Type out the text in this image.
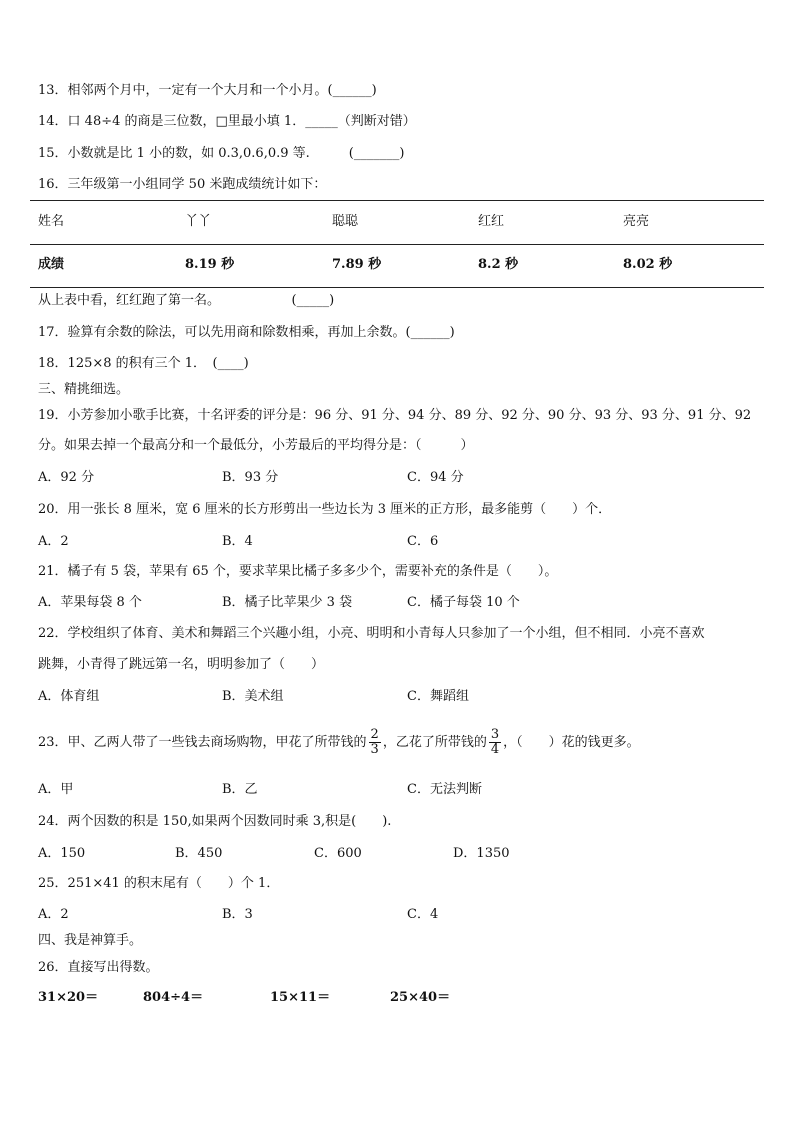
13．相邻两个月中，一定有一个大月和一个小月。(______)
14．口 48÷4 的商是三位数，□里最小填 1．_____（判断对错）
15．小数就是比 1 小的数，如 0.3,0.6,0.9 等.　　　(_______)
16．三年级第一小组同学 50 米跑成绩统计如下：
姓名	丫丫	聪聪	红红	亮亮
成绩	8.19 秒	7.89 秒	8.2 秒	8.02 秒
从上表中看，红红跑了第一名。　　　　　　(_____)
17．验算有余数的除法，可以先用商和除数相乘，再加上余数。(______)
18．125×8 的积有三个 1．　(____)
三、精挑细选。
19．小芳参加小歌手比赛，十名评委的评分是：96 分、91 分、94 分、89 分、92 分、90 分、93 分、93 分、91 分、92
分。如果去掉一个最高分和一个最低分，小芳最后的平均得分是：（　　　）
A．92 分	B．93 分	C．94 分
20．用一张长 8 厘米，宽 6 厘米的长方形剪出一些边长为 3 厘米的正方形，最多能剪（　　）个．
A．2	B．4	C．6
21．橘子有 5 袋，苹果有 65 个，要求苹果比橘子多多少个，需要补充的条件是（　　）。
A．苹果每袋 8 个	B．橘子比苹果少 3 袋	C．橘子每袋 10 个
22．学校组织了体育、美术和舞蹈三个兴趣小组，小亮、明明和小青每人只参加了一个小组，但不相同．小亮不喜欢
跳舞，小青得了跳远第一名，明明参加了（　　）
A．体育组	B．美术组	C．舞蹈组
23．甲、乙两人带了一些钱去商场购物，甲花了所带钱的 $\frac{2}{3}$ ，乙花了所带钱的 $\frac{3}{4}$ ，（　　）花的钱更多。
A．甲	B．乙	C．无法判断
24．两个因数的积是 150,如果两个因数同时乘 3,积是(　　).
A．150	B．450	C．600	D．1350
25．251×41 的积末尾有（　　）个 1．
A．2	B．3	C．4
四、我是神算手。
26．直接写出得数。
31×20＝	804÷4＝	15×11＝	25×40＝
